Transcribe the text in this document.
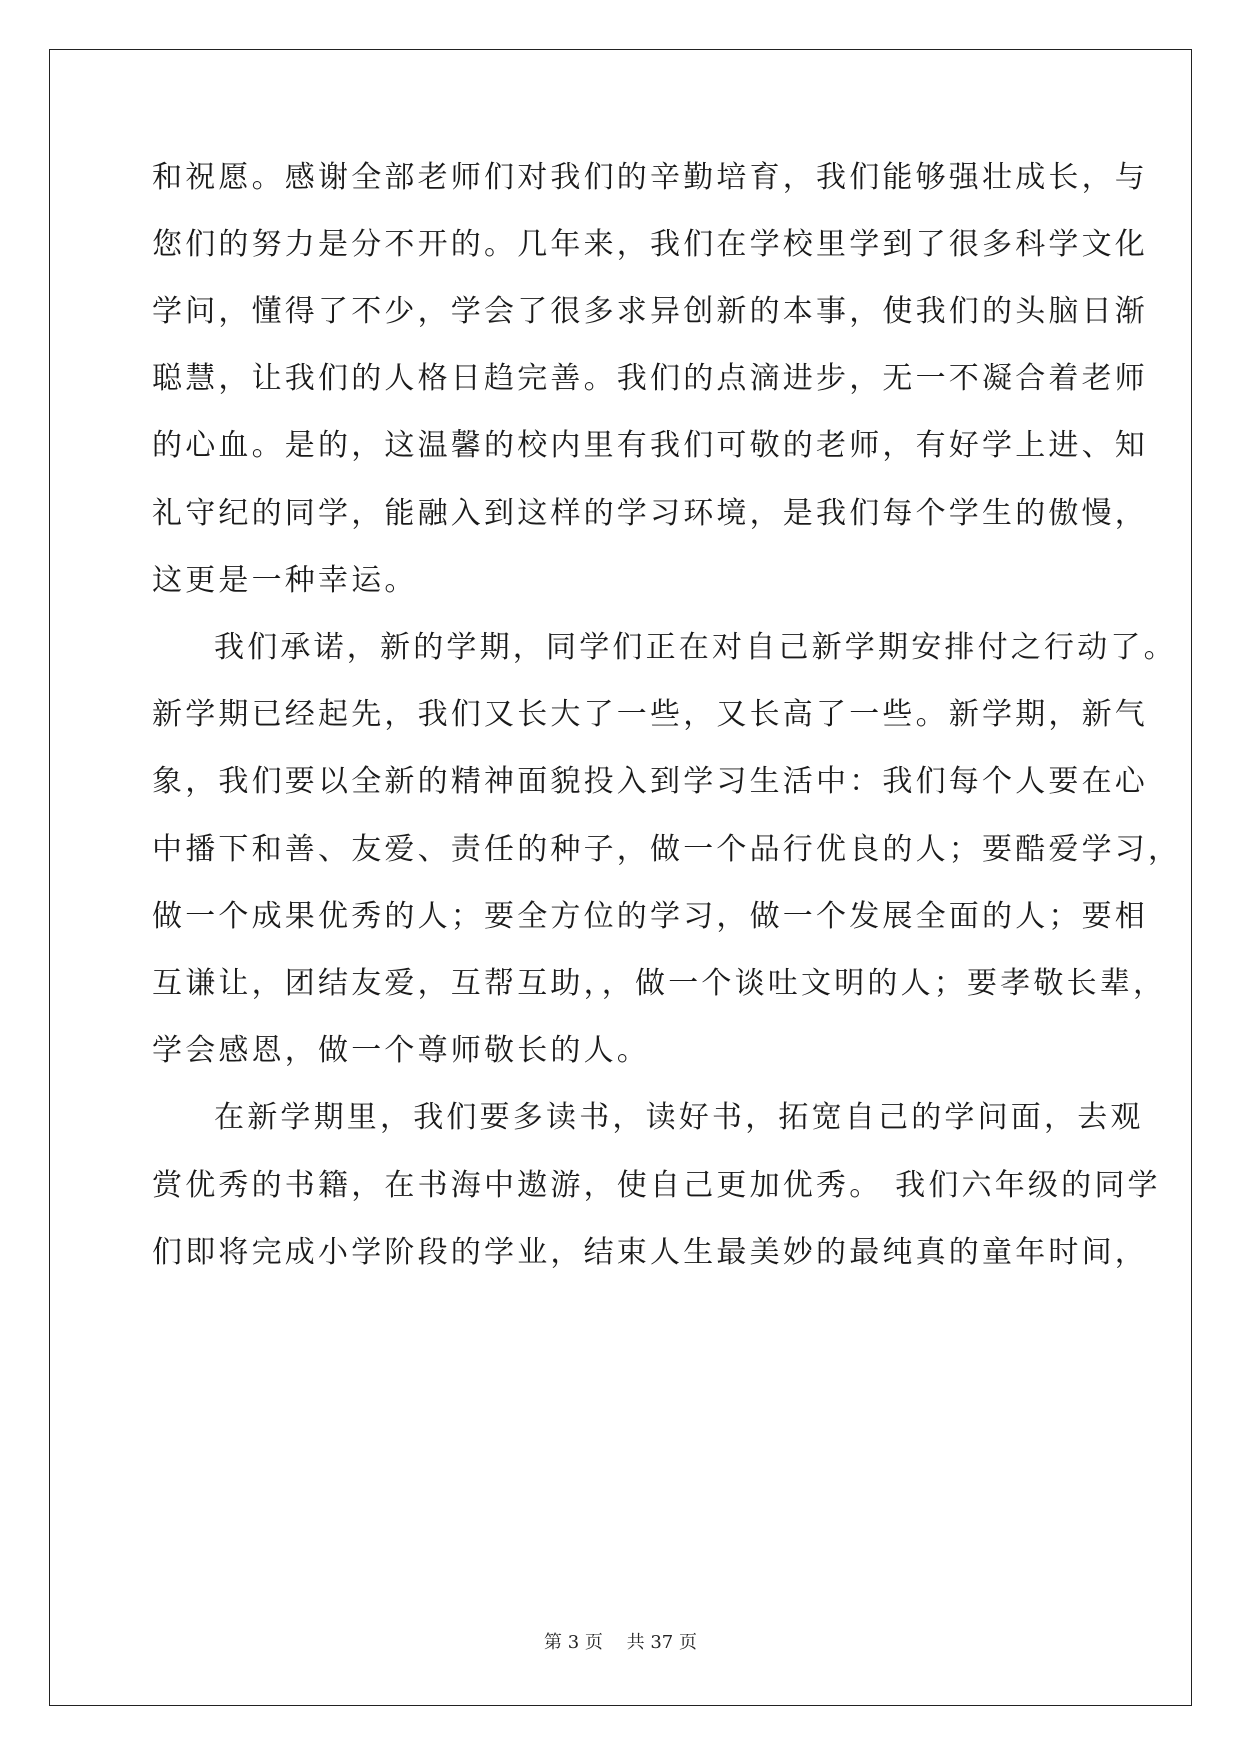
和祝愿。感谢全部老师们对我们的辛勤培育，我们能够强壮成长，与
您们的努力是分不开的。几年来，我们在学校里学到了很多科学文化
学问，懂得了不少，学会了很多求异创新的本事，使我们的头脑日渐
聪慧，让我们的人格日趋完善。我们的点滴进步，无一不凝合着老师
的心血。是的，这温馨的校内里有我们可敬的老师，有好学上进、知
礼守纪的同学，能融入到这样的学习环境，是我们每个学生的傲慢，
这更是一种幸运。
我们承诺，新的学期，同学们正在对自己新学期安排付之行动了。
新学期已经起先，我们又长大了一些，又长高了一些。新学期，新气
象，我们要以全新的精神面貌投入到学习生活中：我们每个人要在心
中播下和善、友爱、责任的种子，做一个品行优良的人；要酷爱学习，
做一个成果优秀的人；要全方位的学习，做一个发展全面的人；要相
互谦让，团结友爱，互帮互助，，做一个谈吐文明的人；要孝敬长辈，
学会感恩，做一个尊师敬长的人。
在新学期里，我们要多读书，读好书，拓宽自己的学问面，去观
赏优秀的书籍，在书海中遨游，使自己更加优秀。 我们六年级的同学
们即将完成小学阶段的学业，结束人生最美妙的最纯真的童年时间，
第 3 页　 共 37 页
